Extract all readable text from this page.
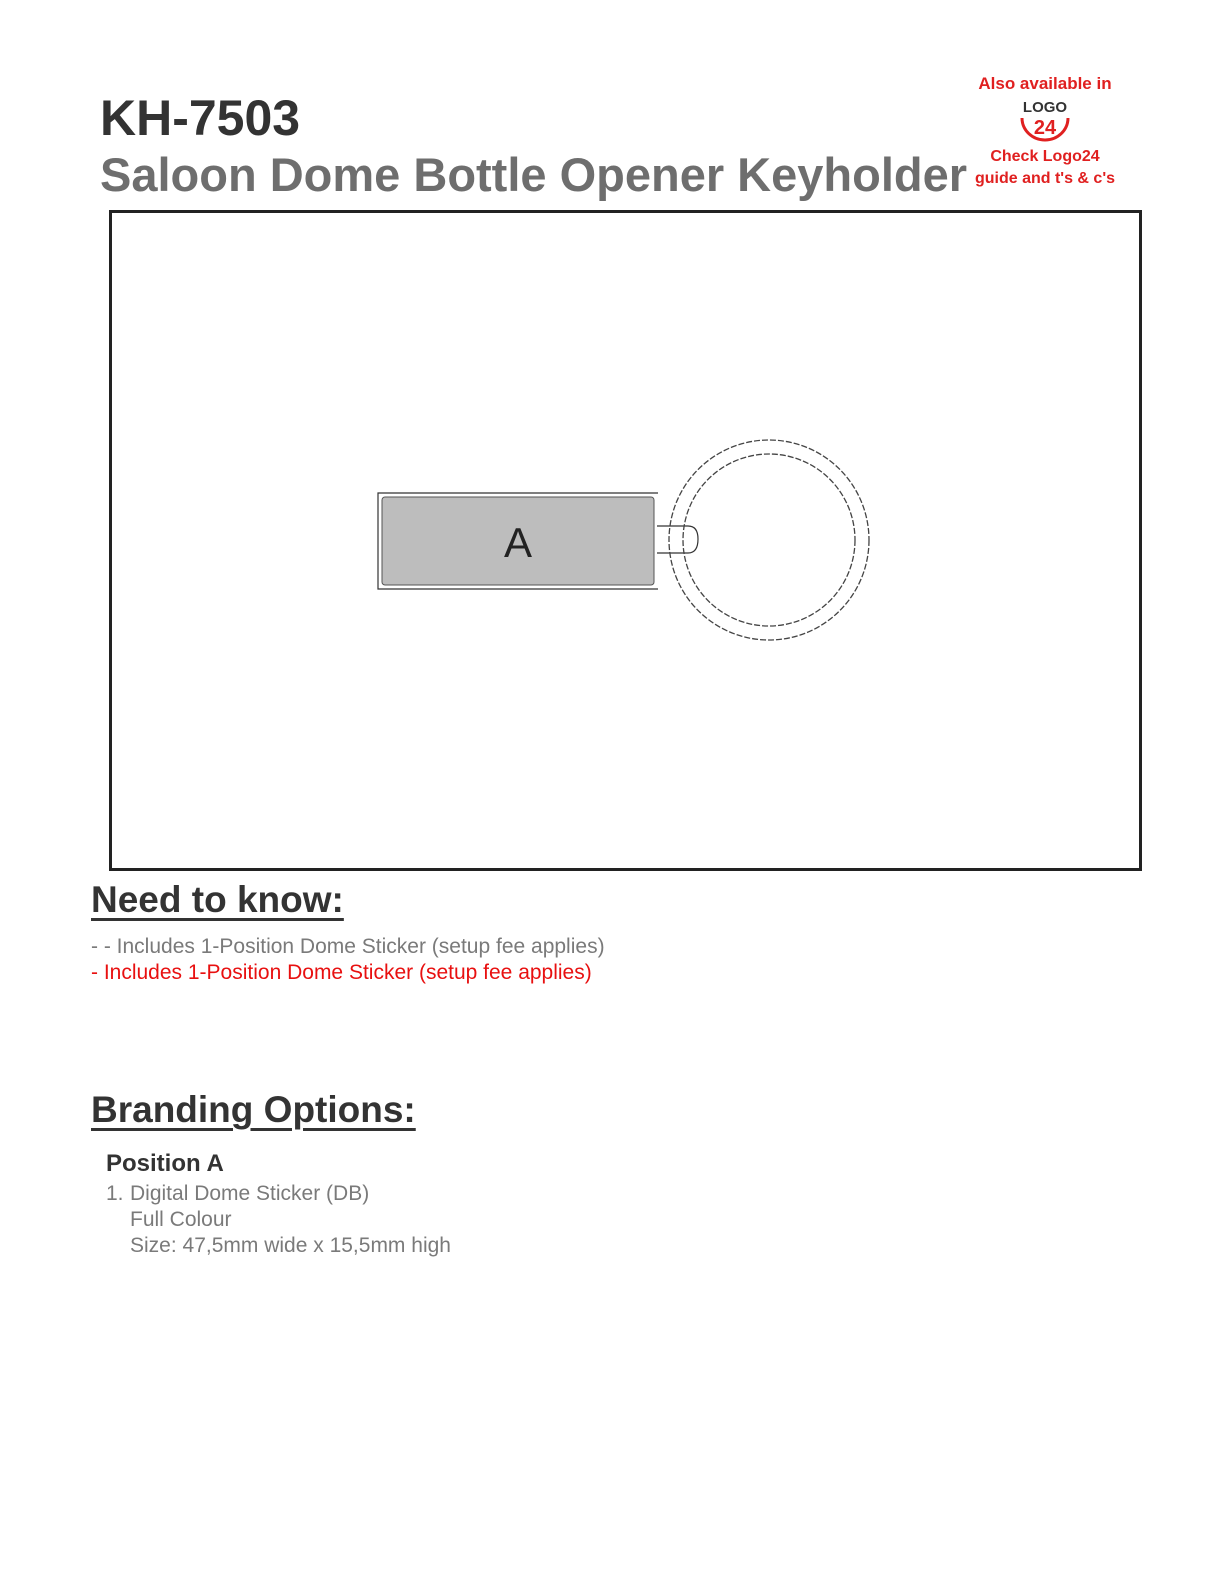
KH-7503
Saloon Dome Bottle Opener Keyholder
Also available in
LOGO
24
Check Logo24
guide and t's & c's
A
Need to know:
- - Includes 1-Position Dome Sticker (setup fee applies)
- Includes 1-Position Dome Sticker (setup fee applies)
Branding Options:
Position A
1. Digital Dome Sticker (DB)
Full Colour
Size: 47,5mm wide x 15,5mm high
